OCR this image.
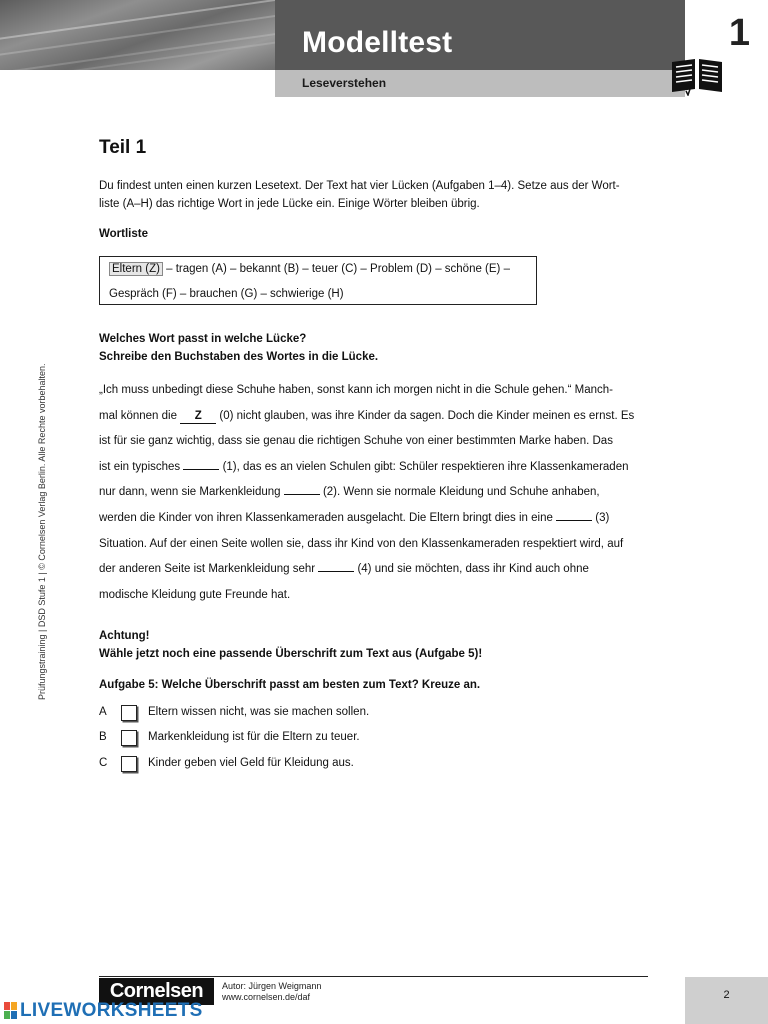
Modelltest
Leseverstehen
1
Prüfungstraining | DSD Stufe 1 | © Cornelsen Verlag Berlin. Alle Rechte vorbehalten.
Teil 1
Du findest unten einen kurzen Lesetext. Der Text hat vier Lücken (Aufgaben 1–4). Setze aus der Wort-
liste (A–H) das richtige Wort in jede Lücke ein. Einige Wörter bleiben übrig.
Wortliste
Eltern (Z) – tragen (A) – bekannt (B) – teuer (C) – Problem (D) – schöne (E) –
Gespräch (F) – brauchen (G) – schwierige (H)
Welches Wort passt in welche Lücke?
Schreibe den Buchstaben des Wortes in die Lücke.
„Ich muss unbedingt diese Schuhe haben, sonst kann ich morgen nicht in die Schule gehen.“ Manch-
mal können die Z (0) nicht glauben, was ihre Kinder da sagen. Doch die Kinder meinen es ernst. Es
ist für sie ganz wichtig, dass sie genau die richtigen Schuhe von einer bestimmten Marke haben. Das
ist ein typisches	(1), das es an vielen Schulen gibt: Schüler respektieren ihre Klassenkameraden
nur dann, wenn sie Markenkleidung	(2). Wenn sie normale Kleidung und Schuhe anhaben,
werden die Kinder von ihren Klassenkameraden ausgelacht. Die Eltern bringt dies in eine	(3)
Situation. Auf der einen Seite wollen sie, dass ihr Kind von den Klassenkameraden respektiert wird, auf
der anderen Seite ist Markenkleidung sehr	(4) und sie möchten, dass ihr Kind auch ohne
modische Kleidung gute Freunde hat.
Achtung!
Wähle jetzt noch eine passende Überschrift zum Text aus (Aufgabe 5)!
Aufgabe 5: Welche Überschrift passt am besten zum Text? Kreuze an.
A	Eltern wissen nicht, was sie machen sollen.
B	Markenkleidung ist für die Eltern zu teuer.
C	Kinder geben viel Geld für Kleidung aus.
Cornelsen	Autor: Jürgen Weigmann
www.cornelsen.de/daf	2
LIVEWORKSHEETS
